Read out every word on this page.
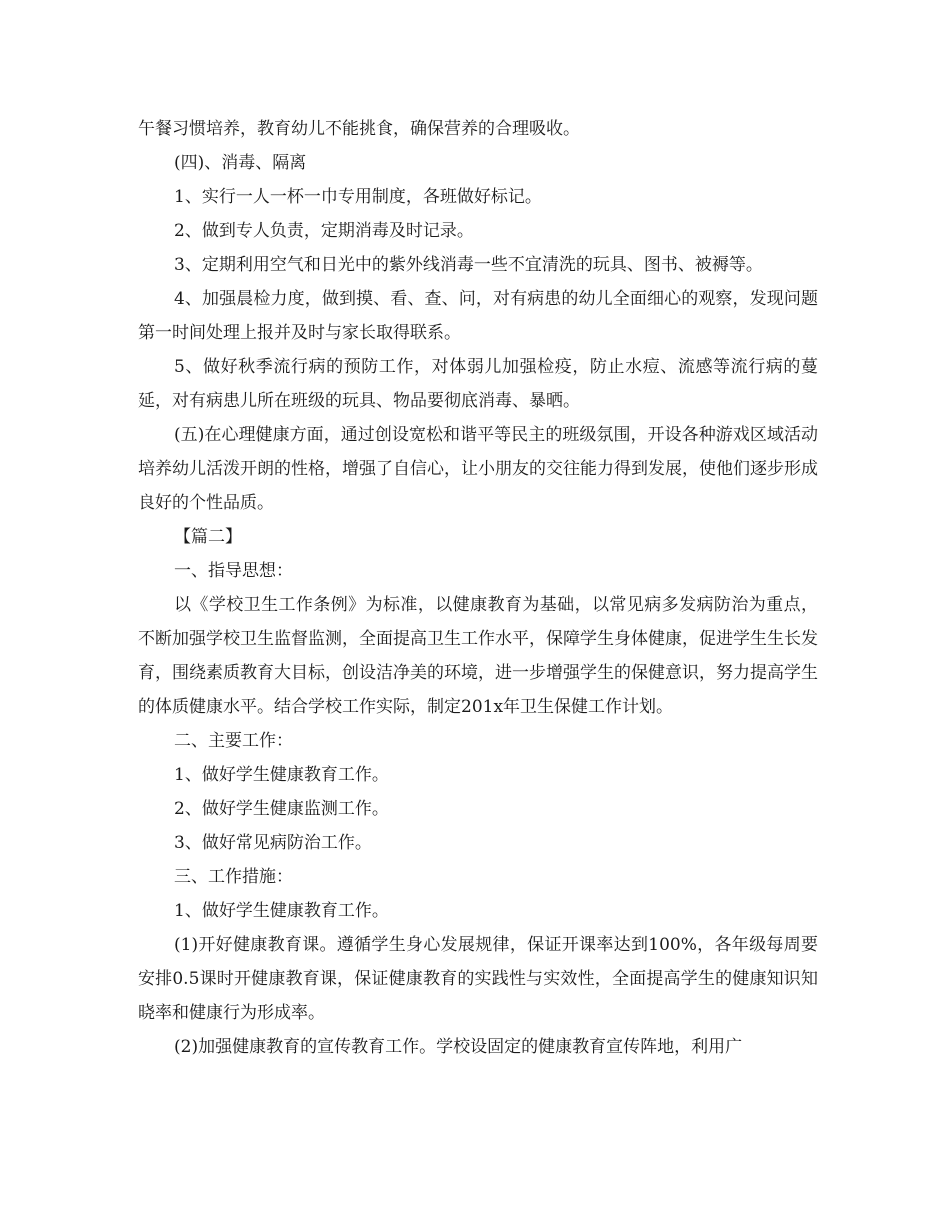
午餐习惯培养，教育幼儿不能挑食，确保营养的合理吸收。

(四)、消毒、隔离

1、实行一人一杯一巾专用制度，各班做好标记。

2、做到专人负责，定期消毒及时记录。

3、定期利用空气和日光中的紫外线消毒一些不宜清洗的玩具、图书、被褥等。

4、加强晨检力度，做到摸、看、查、问，对有病患的幼儿全面细心的观察，发现问题第一时间处理上报并及时与家长取得联系。

5、做好秋季流行病的预防工作，对体弱儿加强检疫，防止水痘、流感等流行病的蔓延，对有病患儿所在班级的玩具、物品要彻底消毒、暴晒。

(五)在心理健康方面，通过创设宽松和谐平等民主的班级氛围，开设各种游戏区域活动培养幼儿活泼开朗的性格，增强了自信心，让小朋友的交往能力得到发展，使他们逐步形成良好的个性品质。

【篇二】

一、指导思想：

以《学校卫生工作条例》为标准，以健康教育为基础，以常见病多发病防治为重点，不断加强学校卫生监督监测，全面提高卫生工作水平，保障学生身体健康，促进学生生长发育，围绕素质教育大目标，创设洁净美的环境，进一步增强学生的保健意识，努力提高学生的体质健康水平。结合学校工作实际，制定201x年卫生保健工作计划。

二、主要工作：

1、做好学生健康教育工作。

2、做好学生健康监测工作。

3、做好常见病防治工作。

三、工作措施：

1、做好学生健康教育工作。

(1)开好健康教育课。遵循学生身心发展规律，保证开课率达到100%，各年级每周要安排0.5课时开健康教育课，保证健康教育的实践性与实效性，全面提高学生的健康知识知晓率和健康行为形成率。

(2)加强健康教育的宣传教育工作。学校设固定的健康教育宣传阵地，利用广
